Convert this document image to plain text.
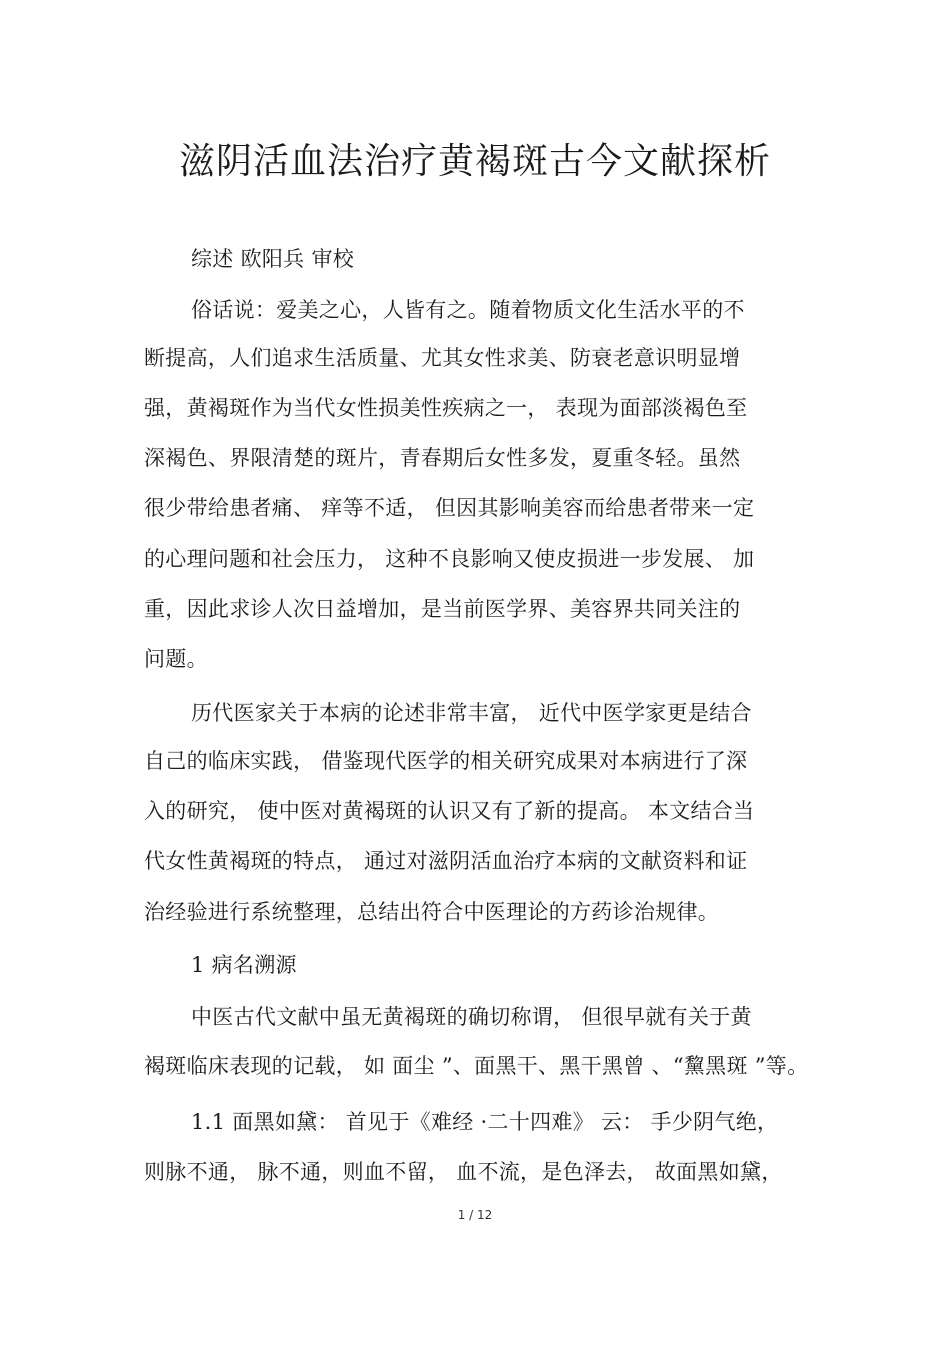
滋阴活血法治疗黄褐斑古今文献探析
综述 欧阳兵 审校
俗话说：爱美之心，人皆有之。随着物质文化生活水平的不
断提高，人们追求生活质量、尤其女性求美、防衰老意识明显增
强，黄褐斑作为当代女性损美性疾病之一， 表现为面部淡褐色至
深褐色、界限清楚的斑片，青春期后女性多发，夏重冬轻。虽然
很少带给患者痛、 痒等不适， 但因其影响美容而给患者带来一定
的心理问题和社会压力， 这种不良影响又使皮损进一步发展、 加
重，因此求诊人次日益增加，是当前医学界、美容界共同关注的
问题。
历代医家关于本病的论述非常丰富， 近代中医学家更是结合
自己的临床实践， 借鉴现代医学的相关研究成果对本病进行了深
入的研究， 使中医对黄褐斑的认识又有了新的提高。 本文结合当
代女性黄褐斑的特点， 通过对滋阴活血治疗本病的文献资料和证
治经验进行系统整理，总结出符合中医理论的方药诊治规律。
1 病名溯源
中医古代文献中虽无黄褐斑的确切称谓， 但很早就有关于黄
褐斑临床表现的记载， 如 面尘 ”、面黑干、黑干黑曾 、“黧黑斑 ”等。
1.1 面黑如黛： 首见于《难经 ·二十四难》 云： 手少阴气绝，
则脉不通， 脉不通，则血不留， 血不流，是色泽去， 故面黑如黛，
1 / 12
